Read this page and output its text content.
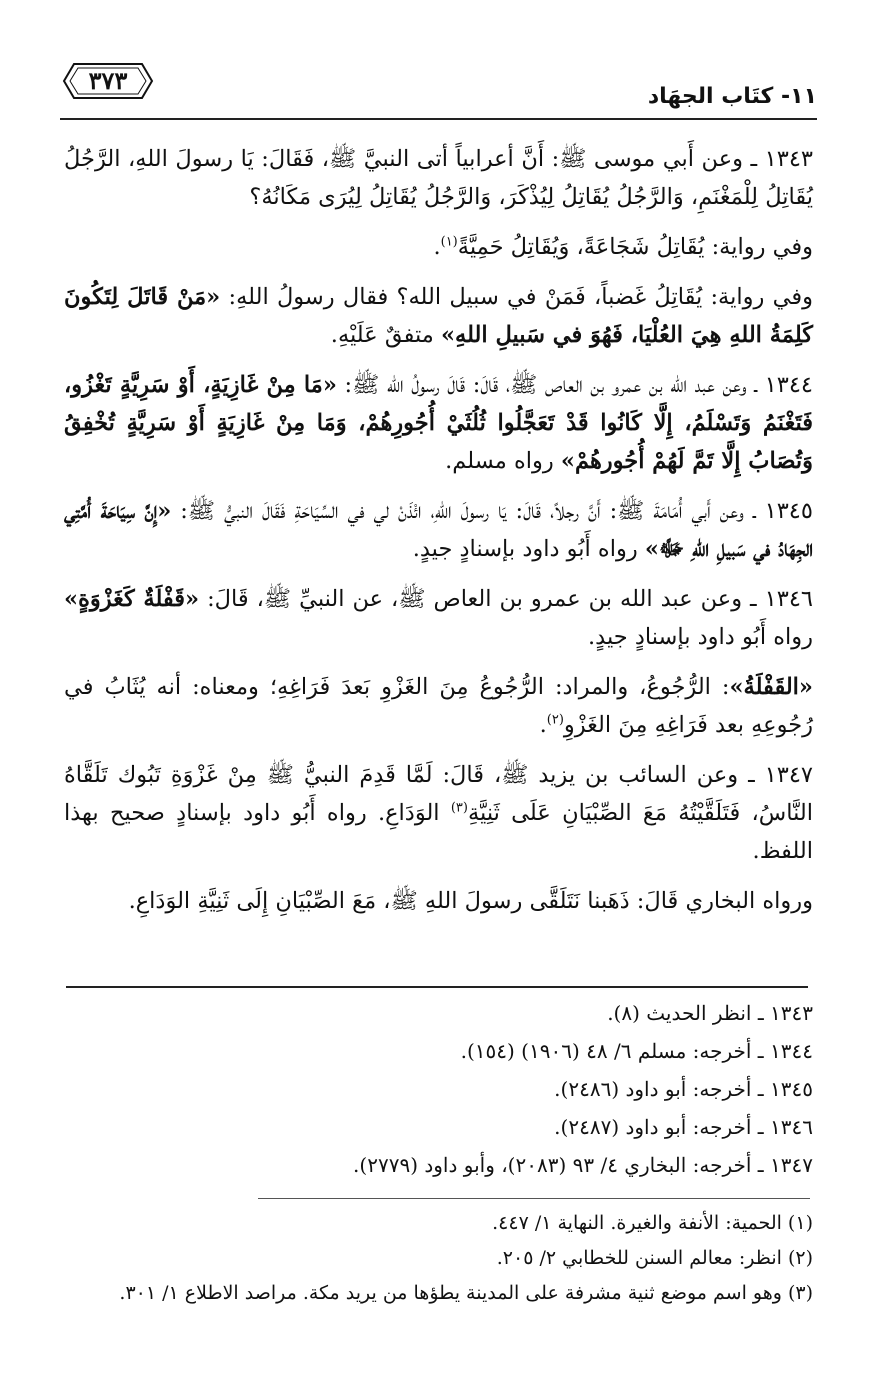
١١- كتَاب الجهَاد
٣٧٣

١٣٤٣ ـ وعن أَبي موسى ﷺ: أَنَّ أعرابياً أتى النبيَّ ﷺ، فَقَالَ: يَا رسولَ اللهِ، الرَّجُلُ يُقَاتِلُ لِلْمَغْنَمِ، وَالرَّجُلُ يُقَاتِلُ لِيُذْكَرَ، وَالرَّجُلُ يُقَاتِلُ لِيُرَى مَكَانُهُ؟

وفي رواية: يُقَاتِلُ شَجَاعَةً، وَيُقَاتِلُ حَمِيَّةً$^{(١)}$.

وفي رواية: يُقَاتِلُ غَضباً، فَمَنْ في سبيل الله؟ فقال رسولُ اللهِ: «مَنْ قَاتَلَ لِتَكُونَ كَلِمَةُ اللهِ هِيَ العُلْيَا، فَهُوَ في سَبيلِ اللهِ» متفقٌ عَلَيْهِ.

١٣٤٤ ـ وعن عبد الله بن عمرو بن العاص ﷺ، قَالَ: قَالَ رسولُ الله ﷺ: «مَا مِنْ غَازِيَةٍ، أَوْ سَرِيَّةٍ تَغْزُو، فَتَغْنَمُ وَتَسْلَمُ، إِلَّا كَانُوا قَدْ تَعَجَّلُوا ثُلُثَيْ أُجُورِهُمْ، وَمَا مِنْ غَازِيَةٍ أَوْ سَرِيَّةٍ تُخْفِقُ وَتُصَابُ إِلَّا تَمَّ لَهُمْ أُجُورهُمْ» رواه مسلم.

١٣٤٥ ـ وعن أَبي أُمَامَةَ ﷺ: أَنَّ رجلاً، قَالَ: يَا رسولَ اللهِ، ائْذَنْ لي في السِّيَاحَةِ فَقَالَ النبيُّ ﷺ: «إِنَّ سِيَاحَةَ أُمَّتِي الجِهَادُ في سَبيلِ اللهِ ﷻ» رواه أَبُو داود بإسنادٍ جيدٍ.

١٣٤٦ ـ وعن عبد الله بن عمرو بن العاص ﷺ، عن النبيِّ ﷺ، قَالَ: «قَفْلَةٌ كَغَزْوَةٍ» رواه أَبُو داود بإسنادٍ جيدٍ.

«القَفْلَةُ»: الرُّجُوعُ، والمراد: الرُّجُوعُ مِنَ الغَزْوِ بَعدَ فَرَاغِهِ؛ ومعناه: أنه يُثَابُ في رُجُوعِهِ بعد فَرَاغِهِ مِنَ الغَزْوِ$^{(٢)}$.

١٣٤٧ ـ وعن السائب بن يزيد ﷺ، قَالَ: لَمَّا قَدِمَ النبيُّ ﷺ مِنْ غَزْوَةِ تَبُوك تَلَقَّاهُ النَّاسُ، فَتَلَقَّيْتُهُ مَعَ الصِّبْيَانِ عَلَى ثَنِيَّةِ$^{(٣)}$ الوَدَاعِ. رواه أَبُو داود بإسنادٍ صحيح بهذا اللفظ.

ورواه البخاري قَالَ: ذَهَبنا نَتَلَقَّى رسولَ اللهِ ﷺ، مَعَ الصِّبْيَانِ إِلَى ثَنِيَّةِ الوَدَاعِ.

١٣٤٣ ـ انظر الحديث (٨).
١٣٤٤ ـ أخرجه: مسلم ٦/ ٤٨ (١٩٠٦) (١٥٤).
١٣٤٥ ـ أخرجه: أبو داود (٢٤٨٦).
١٣٤٦ ـ أخرجه: أبو داود (٢٤٨٧).
١٣٤٧ ـ أخرجه: البخاري ٤/ ٩٣ (٢٠٨٣)، وأبو داود (٢٧٧٩).
(١) الحمية: الأنفة والغيرة. النهاية ١/ ٤٤٧.
(٢) انظر: معالم السنن للخطابي ٢/ ٢٠٥.
(٣) وهو اسم موضع ثنية مشرفة على المدينة يطؤها من يريد مكة. مراصد الاطلاع ١/ ٣٠١.
